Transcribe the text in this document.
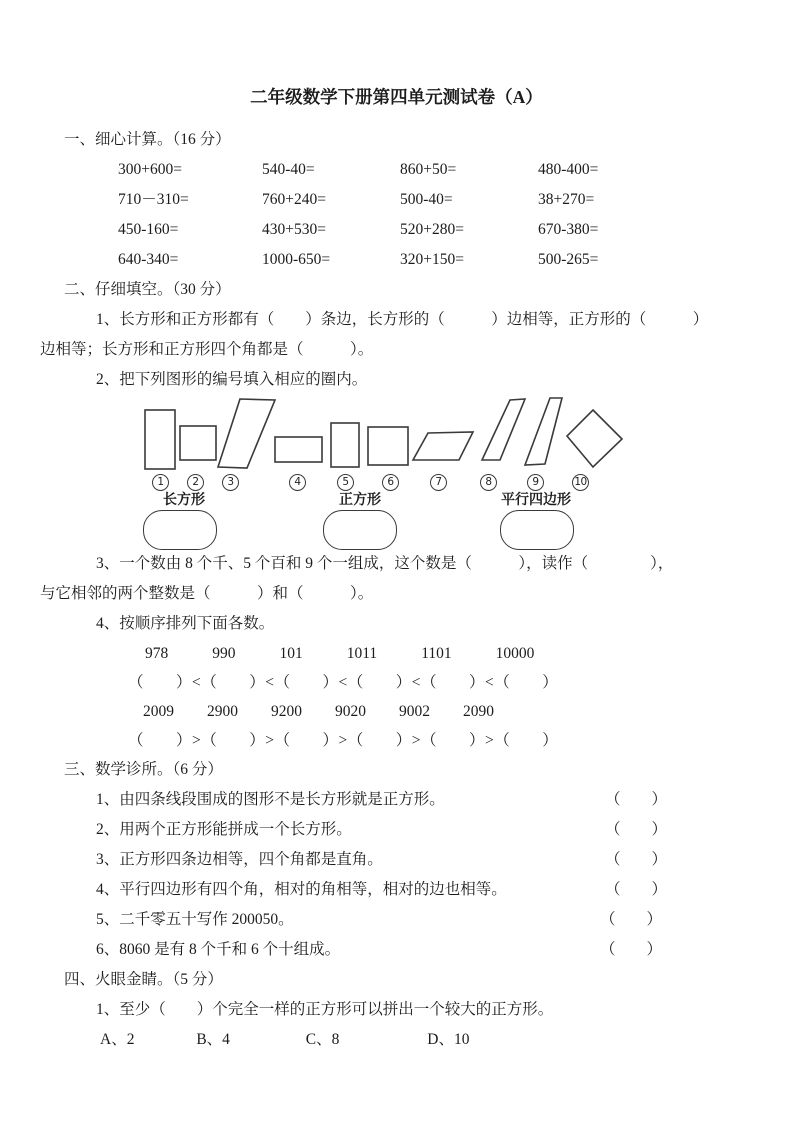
二年级数学下册第四单元测试卷（A）
一、细心计算。（16 分）
300+600=	540-40=	860+50=	480-400=
710－310=	760+240=	500-40=	38+270=
450-160=	430+530=	520+280=	670-380=
640-340=	1000-650=	320+150=	500-265=
二、仔细填空。（30 分）
1、长方形和正方形都有（　　）条边，长方形的（　　　）边相等，正方形的（　　　）
边相等；长方形和正方形四个角都是（　　　）。
2、把下列图形的编号填入相应的圈内。
1	2	3	4	5	6	7	8	9	10
长方形	正方形	平行四边形
3、一个数由 8 个千、5 个百和 9 个一组成，这个数是（　　　），读作（　　　　），
与它相邻的两个整数是（　　　）和（　　　）。
4、按顺序排列下面各数。
978	990	101	1011	1101	10000
（　　）<（　　）<（　　）<（　　）<（　　）<（　　）
2009 2900 9200 9020 9002 2090
（　　）>（　　）>（　　）>（　　）>（　　）>（　　）
三、数学诊所。（6 分）
1、由四条线段围成的图形不是长方形就是正方形。	（　　）
2、用两个正方形能拼成一个长方形。	（　　）
3、正方形四条边相等，四个角都是直角。	（　　）
4、平行四边形有四个角，相对的角相等，相对的边也相等。	（　　）
5、二千零五十写作 200050。	（　　）
6、8060 是有 8 个千和 6 个十组成。	（　　）
四、火眼金睛。（5 分）
1、至少（　　）个完全一样的正方形可以拼出一个较大的正方形。
A、2	B、4	C、8	D、10
